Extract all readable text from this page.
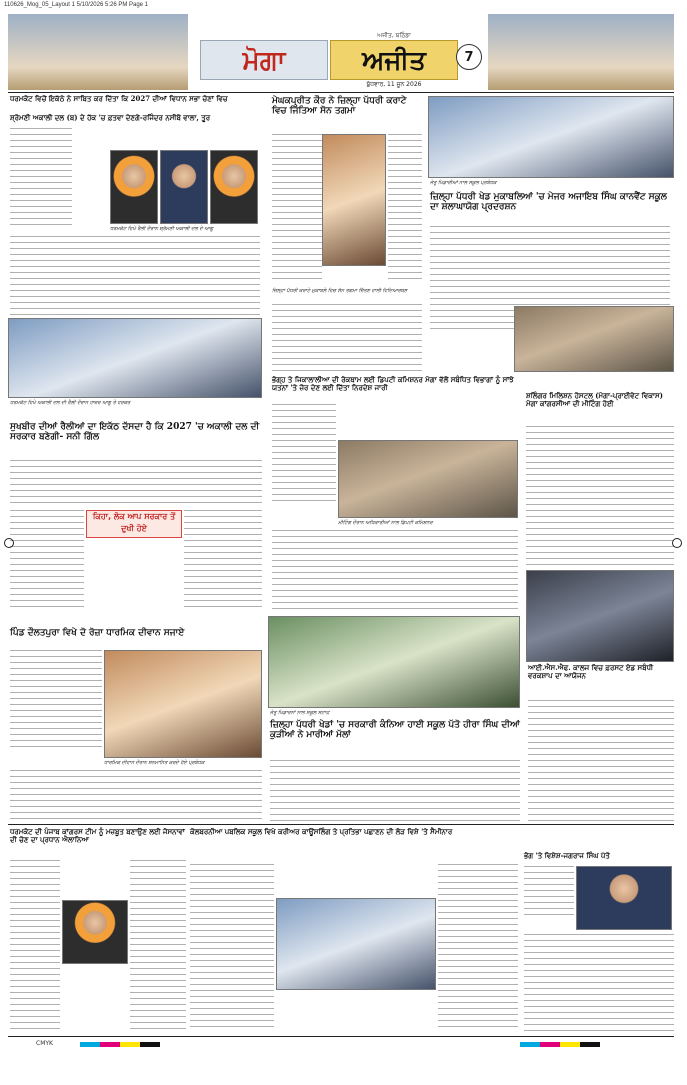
110626_Mog_05_Layout 1 5/10/2026 5:26 PM Page 1
ਮੋਗਾ	ਅਜੀਤ
ਅਜੀਤ, ਬਠਿੰਡਾ
ਬੁੱਧਵਾਰ, 11 ਜੂਨ 2026
7
ਧਰਮਕੋਟ ਵਿਚੋਂ ਇਕੱਠੇ ਨੇ ਸਾਬਿਤ ਕਰ ਦਿੱਤਾ ਕਿ 2027 ਦੀਆਂ ਵਿਧਾਨ ਸਭਾ ਚੋਣਾਂ ਵਿਚ
ਸ਼੍ਰੋਮਣੀ ਅਕਾਲੀ ਦਲ (ਬ) ਦੇ ਹੱਕ 'ਚ ਫ਼ਤਵਾ ਦੇਣਗੇ-ਰਜਿੰਦਰ ਨਸੀਬੋ ਵਾਲਾ, ਤੂਰ
ਧਰਮਕੋਟ ਵਿਖੇ ਰੈਲੀ ਦੌਰਾਨ ਸ਼੍ਰੋਮਣੀ ਅਕਾਲੀ ਦਲ ਦੇ ਆਗੂ
ਧਰਮਕੋਟ ਵਿਖੇ ਅਕਾਲੀ ਦਲ ਦੀ ਰੈਲੀ ਦੌਰਾਨ ਹਾਜ਼ਰ ਆਗੂ ਤੇ ਵਰਕਰ
ਮੇਘਕਪ੍ਰੀਤ ਕੌਰ ਨੇ ਜ਼ਿਲ੍ਹਾ ਪੱਧਰੀ ਕਰਾਟੇ ਵਿਚ ਜਿੱਤਿਆ ਸੋਨ ਤਗਮਾ
ਜ਼ਿਲ੍ਹਾ ਪੱਧਰੀ ਕਰਾਟੇ ਮੁਕਾਬਲੇ ਵਿਚ ਸੋਨ ਤਗਮਾ ਜਿੱਤਣ ਵਾਲੀ ਵਿਦਿਆਰਥਣ
ਜੇਤੂ ਖਿਡਾਰੀਆਂ ਨਾਲ ਸਕੂਲ ਪ੍ਰਬੰਧਕ
ਜ਼ਿਲ੍ਹਾ ਪੱਧਰੀ ਖੇਡ ਮੁਕਾਬਲਿਆਂ 'ਚ ਮੇਜਰ ਅਜਾਇਬ ਸਿੰਘ ਕਾਨਵੈਂਟ ਸਕੂਲ ਦਾ ਸ਼ਲਾਘਾਯੋਗ ਪ੍ਰਦਰਸ਼ਨ
ਭੋਗ੍ਹ ਤੇ ਜਿਕਾਲਾਲੀਆ ਦੀ ਰੋਕਥਾਮ ਲਈ ਡਿਪਟੀ ਕਮਿਸ਼ਨਰ ਮੋਗਾ ਵੱਲੋਂ ਸਬੰਧਿਤ ਵਿਭਾਗਾਂ ਨੂੰ ਸਾਂਝੇ ਯਤਨਾਂ 'ਤੇ ਜ਼ੋਰ ਦੇਣ ਲਈ ਦਿੱਤਾ ਨਿਰਦੇਸ਼ ਜਾਰੀ
ਮੀਟਿੰਗ ਦੌਰਾਨ ਅਧਿਕਾਰੀਆਂ ਨਾਲ ਡਿਪਟੀ ਕਮਿਸ਼ਨਰ
ਸੁਖਬੀਰ ਦੀਆਂ ਰੈਲੀਆਂ ਦਾ ਇਕੱਠ ਦੱਸਦਾ ਹੈ ਕਿ 2027 'ਚ ਅਕਾਲੀ ਦਲ ਦੀ ਸਰਕਾਰ ਬਣੇਗੀ- ਸਨੀ ਗਿੱਲ
ਕਿਹਾ, ਲੋਕ ਆਪ ਸਰਕਾਰ ਤੋਂ ਦੁਖੀ ਹੋਏ
ਸ਼ਲਿੰਗਰ ਮਿਲਿਸ਼ਨ ਹੋਸਟਲ (ਮੋਗਾ-ਪ੍ਰਾਈਵੇਟ ਵਿਕਾਸ) ਮੋਗਾ ਕਾਂਗਰਸੀਆਂ ਦੀ ਮੀਟਿੰਗ ਹੋਈ
ਪਿੰਡ ਦੌਲਤਪੁਰਾ ਵਿਖੇ ਦੋ ਰੋਜ਼ਾ ਧਾਰਮਿਕ ਦੀਵਾਨ ਸਜਾਏ
ਧਾਰਮਿਕ ਦੀਵਾਨ ਦੌਰਾਨ ਸਨਮਾਨਿਤ ਕਰਦੇ ਹੋਏ ਪ੍ਰਬੰਧਕ
ਜੇਤੂ ਖਿਡਾਰਨਾਂ ਨਾਲ ਸਕੂਲ ਸਟਾਫ਼
ਜ਼ਿਲ੍ਹਾ ਪੱਧਰੀ ਖੇਡਾਂ 'ਚ ਸਰਕਾਰੀ ਕੰਨਿਆ ਹਾਈ ਸਕੂਲ ਪੱਤੋ ਹੀਰਾ ਸਿੰਘ ਦੀਆਂ ਕੁੜੀਆਂ ਨੇ ਮਾਰੀਆਂ ਮੱਲਾਂ
ਆਈ.ਐਸ.ਐਫ. ਕਾਲਜ ਵਿਚ ਫ਼ਰਸਟ ਏਡ ਸਬੰਧੀ ਵਰਕਸ਼ਾਪ ਦਾ ਆਯੋਜਨ
ਕੋਲਬਰਨੀਆ ਪਬਲਿਕ ਸਕੂਲ ਵਿਖੇ ਕਰੀਅਰ ਕਾਊਂਸਲਿੰਗ ਤੇ ਪ੍ਰਤਿਭਾ ਪਛਾਣਨ ਦੀ ਲੋੜ ਵਿਸ਼ੇ 'ਤੇ ਸੈਮੀਨਾਰ
ਧਰਮਕੋਟ ਦੀ ਪੰਜਾਬ ਕਾਂਗਰਸ ਟੀਮ ਨੂੰ ਮਜ਼ਬੂਤ ਬਣਾਉਣ ਲਈ ਜੋਸਨਾਵਾਂ ਦੀ ਚੋਣ ਦਾ ਪ੍ਰਧਾਨ ਐਲਾਨਿਆ
ਭੋਗ 'ਤੇ ਵਿਸ਼ੇਸ਼-ਜਗਰਾਜ ਸਿੰਘ ਪੱਤੋ
CMYK
